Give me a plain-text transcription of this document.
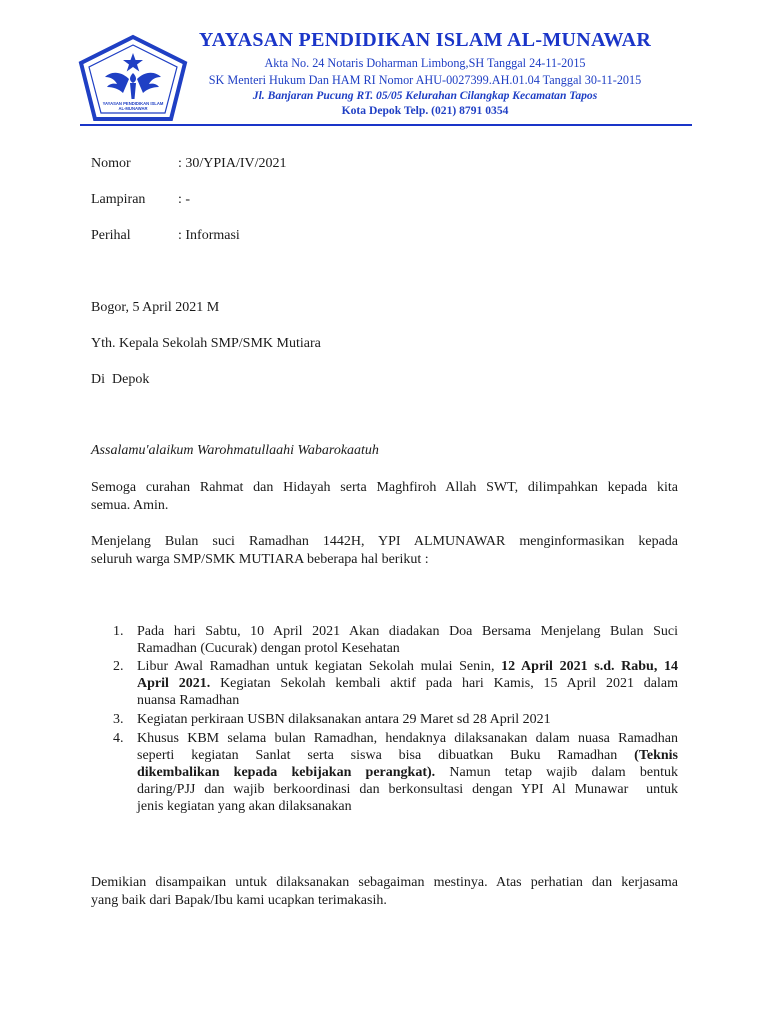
YAYASAN PENDIDIKAN ISLAM
AL-MUNAWAR
YAYASAN PENDIDIKAN ISLAM AL-MUNAWAR
Akta No. 24 Notaris Doharman Limbong,SH Tanggal 24-11-2015
SK Menteri Hukum Dan HAM RI Nomor AHU-0027399.AH.01.04 Tanggal 30-11-2015
Jl. Banjaran Pucung RT. 05/05 Kelurahan Cilangkap Kecamatan Tapos
Kota Depok Telp. (021) 8791 0354
Nomor	: 30/YPIA/IV/2021
Lampiran : -
Perihal	: Informasi
Bogor, 5 April 2021 M
Yth. Kepala Sekolah SMP/SMK Mutiara
Di  Depok
Assalamu'alaikum Warohmatullaahi Wabarokaatuh
Semoga curahan Rahmat dan Hidayah serta Maghfiroh Allah SWT, dilimpahkan kepada kita
semua. Amin.
Menjelang Bulan suci Ramadhan 1442H, YPI ALMUNAWAR menginformasikan kepada
seluruh warga SMP/SMK MUTIARA beberapa hal berikut :
1. Pada hari Sabtu, 10 April 2021 Akan diadakan Doa Bersama Menjelang Bulan Suci
Ramadhan (Cucurak) dengan protol Kesehatan
2. Libur Awal Ramadhan untuk kegiatan Sekolah mulai Senin, 12 April 2021 s.d. Rabu, 14
April 2021. Kegiatan Sekolah kembali aktif pada hari Kamis, 15 April 2021 dalam
nuansa Ramadhan
3. Kegiatan perkiraan USBN dilaksanakan antara 29 Maret sd 28 April 2021
4. Khusus KBM selama bulan Ramadhan, hendaknya dilaksanakan dalam nuasa Ramadhan
seperti kegiatan Sanlat serta siswa bisa dibuatkan Buku Ramadhan (Teknis
dikembalikan kepada kebijakan perangkat). Namun tetap wajib dalam bentuk
daring/PJJ dan wajib berkoordinasi dan berkonsultasi dengan YPI Al Munawar  untuk
jenis kegiatan yang akan dilaksanakan
Demikian disampaikan untuk dilaksanakan sebagaiman mestinya. Atas perhatian dan kerjasama
yang baik dari Bapak/Ibu kami ucapkan terimakasih.
